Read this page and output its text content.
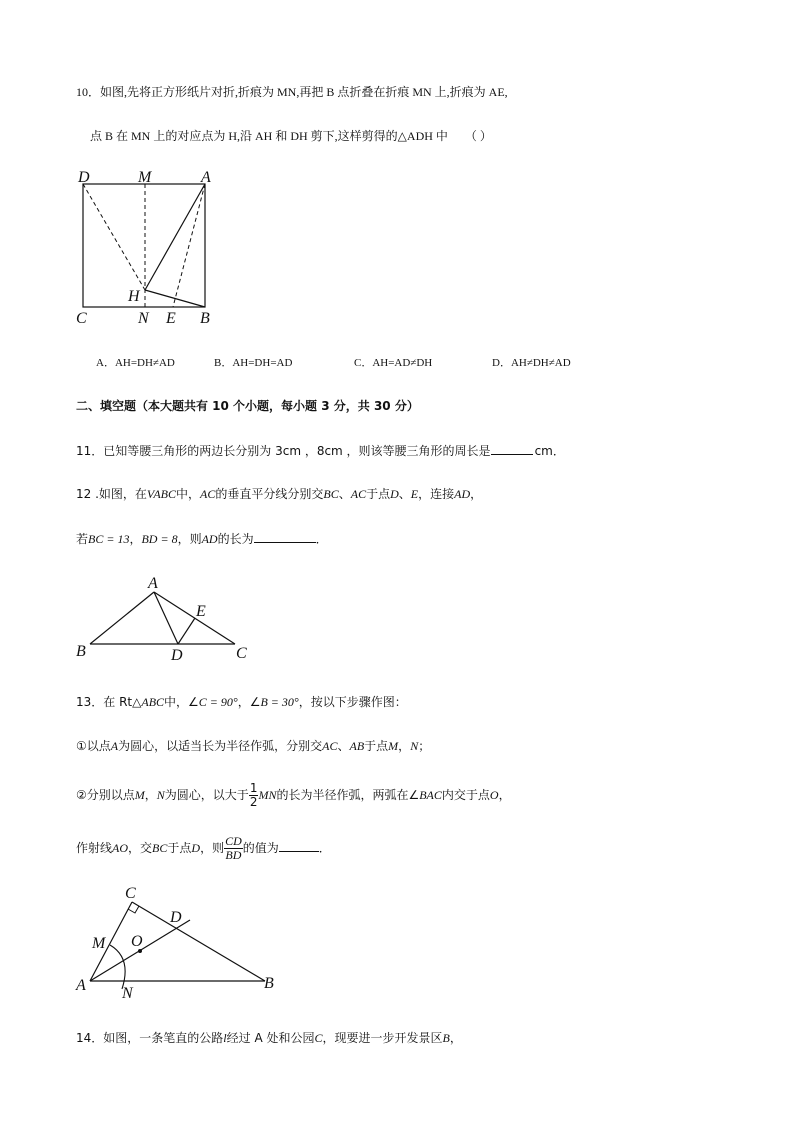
10．如图,先将正方形纸片对折,折痕为 MN,再把 B 点折叠在折痕 MN 上,折痕为 AE,
点 B 在 MN 上的对应点为 H,沿 AH 和 DH 剪下,这样剪得的△ADH 中 （ ）
D	M	A
H
C	N E B
A．AH=DH≠AD	B．AH=DH=AD	C．AH=AD≠DH	D．AH≠DH≠AD
二、填空题（本大题共有 10 个小题，每小题 3 分，共 30 分）
11．已知等腰三角形的两边长分别为 3cm ，8cm ，则该等腰三角形的周长是	cm．
12 .如图，在VABC中，AC的垂直平分线分别交BC、AC于点D、E，连接AD，
若BC = 13，BD = 8，则AD的长为	．
A
E
B	D	C
13．在 Rt△ABC中，∠C = 90°，∠B = 30°，按以下步骤作图：
①以点A为圆心，以适当长为半径作弧，分别交AC、AB于点M，N；
②分别以点M，N为圆心，以大于 $\frac{1}{2}$ MN的长为半径作弧，两弧在∠BAC内交于点O，
作射线AO，交BC于点D，则 $\frac{CD}{BD}$ 的值为	．
C
D
M O
A N
B
14．如图，一条笔直的公路l经过 A 处和公园C，现要进一步开发景区B，
